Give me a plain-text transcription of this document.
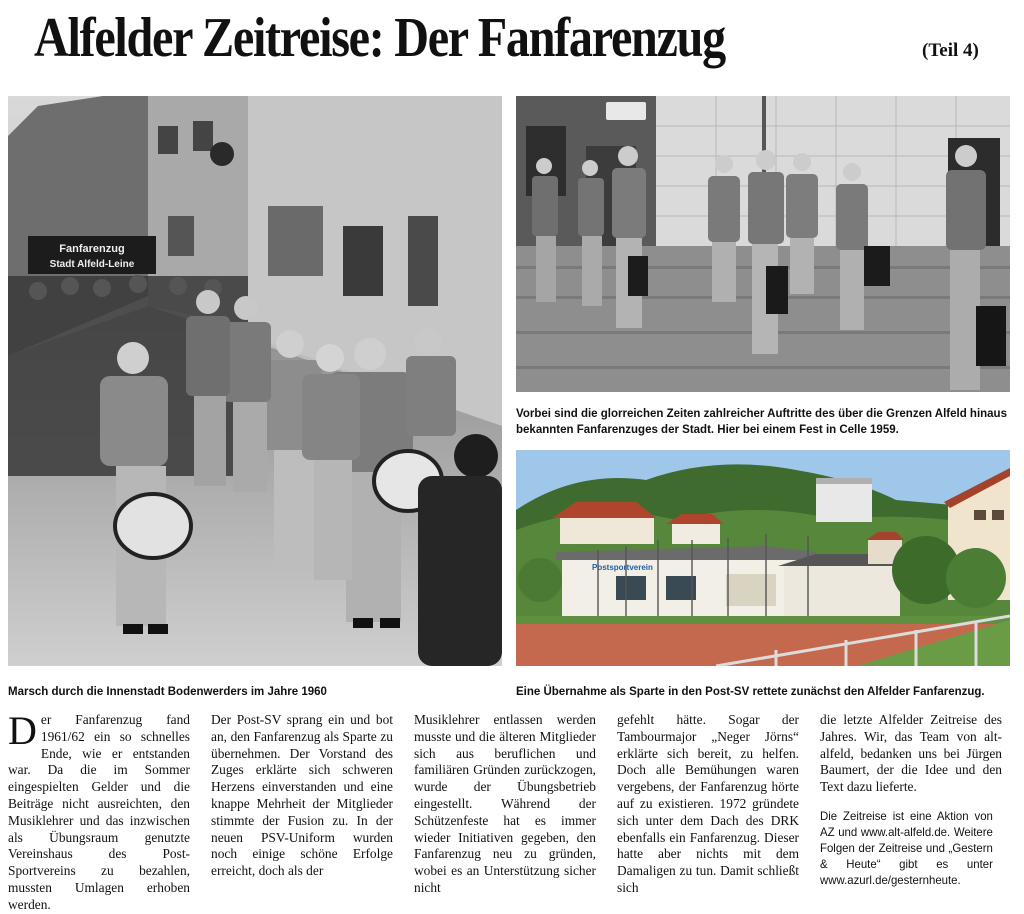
Alfelder Zeitreise: Der Fanfarenzug	(Teil 4)
Fanfarenzug
Stadt Alfeld-Leine
Marsch durch die Innenstadt Bodenwerders im Jahre 1960
Vorbei sind die glorreichen Zeiten zahlreicher Auftritte des über die Grenzen Alfeld hinaus bekannten Fanfarenzuges der Stadt. Hier bei einem Fest in Celle 1959.
Postsportverein
Eine Übernahme als Sparte in den Post-SV rettete zunächst den Alfelder Fanfarenzug.

Der Fanfarenzug fand 1961/62 ein so schnelles Ende, wie er entstanden war. Da die im Sommer eingespielten Gelder und die Beiträge nicht ausreichten, den Musiklehrer und das inzwischen als Übungsraum genutzte Vereinshaus des Post-Sportvereins zu bezahlen, mussten Umlagen erhoben werden.

Der Post-SV sprang ein und bot an, den Fanfarenzug als Sparte zu übernehmen. Der Vorstand des Zuges erklärte sich schweren Herzens einverstanden und eine knappe Mehrheit der Mitglieder stimmte der Fusion zu. In der neuen PSV-Uniform wurden noch einige schöne Erfolge erreicht, doch als der

Musiklehrer entlassen werden musste und die älteren Mitglieder sich aus beruflichen und familiären Gründen zurückzogen, wurde der Übungsbetrieb eingestellt. Während der Schützenfeste hat es immer wieder Initiativen gegeben, den Fanfarenzug neu zu gründen, wobei es an Unterstützung sicher nicht

gefehlt hätte. Sogar der Tambourmajor „Neger Jörns“ erklärte sich bereit, zu helfen. Doch alle Bemühungen waren vergebens, der Fanfarenzug hörte auf zu existieren. 1972 gründete sich unter dem Dach des DRK ebenfalls ein Fanfarenzug. Dieser hatte aber nichts mit dem Damaligen zu tun. Damit schließt sich

die letzte Alfelder Zeitreise des Jahres. Wir, das Team von alt-alfeld, bedanken uns bei Jürgen Baumert, der die Idee und den Text dazu lieferte.

Die Zeitreise ist eine Aktion von AZ und www.alt-alfeld.de. Weitere Folgen der Zeitreise und „Gestern & Heute“ gibt es unter www.azurl.de/gesternheute.
